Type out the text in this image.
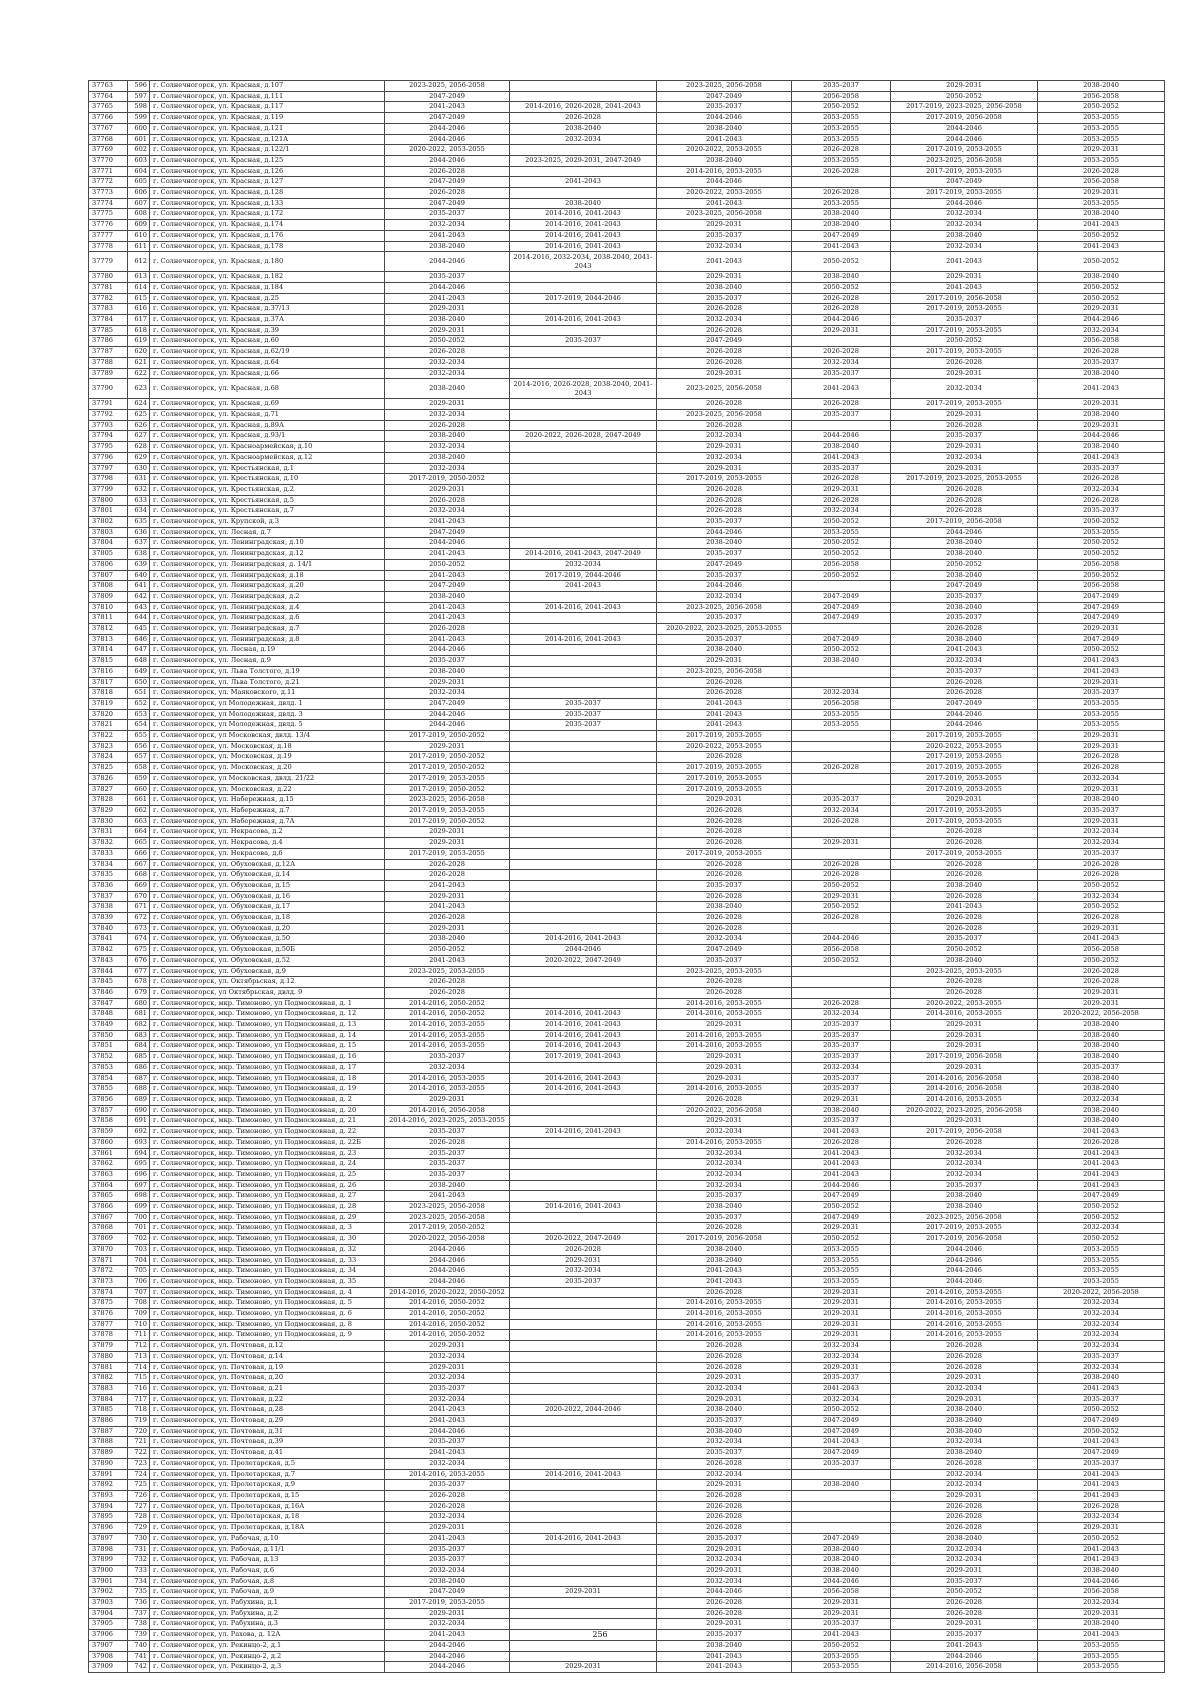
37763	596	г. Солнечногорск, ул. Красная, д.107	2023-2025, 2056-2058		2023-2025, 2056-2058	2035-2037	2029-2031	2038-2040
37764	597	г. Солнечногорск, ул. Красная, д.111	2047-2049		2047-2049	2056-2058	2050-2052	2056-2058
37765	598	г. Солнечногорск, ул. Красная, д.117	2041-2043	2014-2016, 2026-2028, 2041-2043	2035-2037	2050-2052	2017-2019, 2023-2025, 2056-2058	2050-2052
37766	599	г. Солнечногорск, ул. Красная, д.119	2047-2049	2026-2028	2044-2046	2053-2055	2017-2019, 2056-2058	2053-2055
37767	600	г. Солнечногорск, ул. Красная, д.121	2044-2046	2038-2040	2038-2040	2053-2055	2044-2046	2053-2055
37768	601	г. Солнечногорск, ул. Красная, д.121А	2044-2046	2032-2034	2041-2043	2053-2055	2044-2046	2053-2055
37769	602	г. Солнечногорск, ул. Красная, д.122/1	2020-2022, 2053-2055		2020-2022, 2053-2055	2026-2028	2017-2019, 2053-2055	2029-2031
37770	603	г. Солнечногорск, ул. Красная, д.125	2044-2046	2023-2025, 2029-2031, 2047-2049	2038-2040	2053-2055	2023-2025, 2056-2058	2053-2055
37771	604	г. Солнечногорск, ул. Красная, д.126	2026-2028		2014-2016, 2053-2055	2026-2028	2017-2019, 2053-2055	2026-2028
37772	605	г. Солнечногорск, ул. Красная, д.127	2047-2049	2041-2043	2044-2046		2047-2049	2056-2058
37773	606	г. Солнечногорск, ул. Красная, д.128	2026-2028		2020-2022, 2053-2055	2026-2028	2017-2019, 2053-2055	2029-2031
37774	607	г. Солнечногорск, ул. Красная, д.133	2047-2049	2038-2040	2041-2043	2053-2055	2044-2046	2053-2055
37775	608	г. Солнечногорск, ул. Красная, д.172	2035-2037	2014-2016, 2041-2043	2023-2025, 2056-2058	2038-2040	2032-2034	2038-2040
37776	609	г. Солнечногорск, ул. Красная, д.174	2032-2034	2014-2016, 2041-2043	2029-2031	2038-2040	2032-2034	2041-2043
37777	610	г. Солнечногорск, ул. Красная, д.176	2041-2043	2014-2016, 2041-2043	2035-2037	2047-2049	2038-2040	2050-2052
37778	611	г. Солнечногорск, ул. Красная, д.178	2038-2040	2014-2016, 2041-2043	2032-2034	2041-2043	2032-2034	2041-2043
37779	612	г. Солнечногорск, ул. Красная, д.180	2044-2046	2014-2016, 2032-2034, 2038-2040, 2041-2043	2041-2043	2050-2052	2041-2043	2050-2052
37780	613	г. Солнечногорск, ул. Красная, д.182	2035-2037		2029-2031	2038-2040	2029-2031	2038-2040
37781	614	г. Солнечногорск, ул. Красная, д.184	2044-2046		2038-2040	2050-2052	2041-2043	2050-2052
37782	615	г. Солнечногорск, ул. Красная, д.25	2041-2043	2017-2019, 2044-2046	2035-2037	2026-2028	2017-2019, 2056-2058	2050-2052
37783	616	г. Солнечногорск, ул. Красная, д.37/13	2029-2031		2026-2028	2026-2028	2017-2019, 2053-2055	2029-2031
37784	617	г. Солнечногорск, ул. Красная, д.37А	2038-2040	2014-2016, 2041-2043	2032-2034	2044-2046	2035-2037	2044-2046
37785	618	г. Солнечногорск, ул. Красная, д.39	2029-2031		2026-2028	2029-2031	2017-2019, 2053-2055	2032-2034
37786	619	г. Солнечногорск, ул. Красная, д.60	2050-2052	2035-2037	2047-2049		2050-2052	2056-2058
37787	620	г. Солнечногорск, ул. Красная, д.62/19	2026-2028		2026-2028	2026-2028	2017-2019, 2053-2055	2026-2028
37788	621	г. Солнечногорск, ул. Красная, д.64	2032-2034		2026-2028	2032-2034	2026-2028	2035-2037
37789	622	г. Солнечногорск, ул. Красная, д.66	2032-2034		2029-2031	2035-2037	2029-2031	2038-2040
37790	623	г. Солнечногорск, ул. Красная, д.68	2038-2040	2014-2016, 2026-2028, 2038-2040, 2041-2043	2023-2025, 2056-2058	2041-2043	2032-2034	2041-2043
37791	624	г. Солнечногорск, ул. Красная, д.69	2029-2031		2026-2028	2026-2028	2017-2019, 2053-2055	2029-2031
37792	625	г. Солнечногорск, ул. Красная, д.71	2032-2034		2023-2025, 2056-2058	2035-2037	2029-2031	2038-2040
37793	626	г. Солнечногорск, ул. Красная, д.89А	2026-2028		2026-2028		2026-2028	2029-2031
37794	627	г. Солнечногорск, ул. Красная, д.93/1	2038-2040	2020-2022, 2026-2028, 2047-2049	2032-2034	2044-2046	2035-2037	2044-2046
37795	628	г. Солнечногорск, ул. Красноармейская, д.10	2032-2034		2029-2031	2038-2040	2029-2031	2038-2040
37796	629	г. Солнечногорск, ул. Красноармейская, д.12	2038-2040		2032-2034	2041-2043	2032-2034	2041-2043
37797	630	г. Солнечногорск, ул. Крестьянская, д.1	2032-2034		2029-2031	2035-2037	2029-2031	2035-2037
37798	631	г. Солнечногорск, ул. Крестьянская, д.10	2017-2019, 2050-2052		2017-2019, 2053-2055	2026-2028	2017-2019, 2023-2025, 2053-2055	2026-2028
37799	632	г. Солнечногорск, ул. Крестьянская, д.2	2029-2031		2026-2028	2029-2031	2026-2028	2032-2034
37800	633	г. Солнечногорск, ул. Крестьянская, д.5	2026-2028		2026-2028	2026-2028	2026-2028	2026-2028
37801	634	г. Солнечногорск, ул. Крестьянская, д.7	2032-2034		2026-2028	2032-2034	2026-2028	2035-2037
37802	635	г. Солнечногорск, ул. Крупской, д.3	2041-2043		2035-2037	2050-2052	2017-2019, 2056-2058	2050-2052
37803	636	г. Солнечногорск, ул. Лесная, д.7	2047-2049		2044-2046	2053-2055	2044-2046	2053-2055
37804	637	г. Солнечногорск, ул. Ленинградская, д.10	2044-2046		2038-2040	2050-2052	2038-2040	2050-2052
37805	638	г. Солнечногорск, ул. Ленинградская, д.12	2041-2043	2014-2016, 2041-2043, 2047-2049	2035-2037	2050-2052	2038-2040	2050-2052
37806	639	г. Солнечногорск, ул. Ленинградская, д. 14/1	2050-2052	2032-2034	2047-2049	2056-2058	2050-2052	2056-2058
37807	640	г. Солнечногорск, ул. Ленинградская, д.18	2041-2043	2017-2019, 2044-2046	2035-2037	2050-2052	2038-2040	2050-2052
37808	641	г. Солнечногорск, ул. Ленинградская, д.20	2047-2049	2041-2043	2044-2046		2047-2049	2056-2058
37809	642	г. Солнечногорск, ул. Ленинградская, д.2	2038-2040		2032-2034	2047-2049	2035-2037	2047-2049
37810	643	г. Солнечногорск, ул. Ленинградская, д.4	2041-2043	2014-2016, 2041-2043	2023-2025, 2056-2058	2047-2049	2038-2040	2047-2049
37811	644	г. Солнечногорск, ул. Ленинградская, д.6	2041-2043		2035-2037	2047-2049	2035-2037	2047-2049
37812	645	г. Солнечногорск, ул. Ленинградская, д.7	2026-2028		2020-2022, 2023-2025, 2053-2055		2026-2028	2029-2031
37813	646	г. Солнечногорск, ул. Ленинградская, д.8	2041-2043	2014-2016, 2041-2043	2035-2037	2047-2049	2038-2040	2047-2049
37814	647	г. Солнечногорск, ул. Лесная, д.19	2044-2046		2038-2040	2050-2052	2041-2043	2050-2052
37815	648	г. Солнечногорск, ул. Лесная, д.9	2035-2037		2029-2031	2038-2040	2032-2034	2041-2043
37816	649	г. Солнечногорск, ул. Льва Толстого, д.19	2038-2040		2023-2025, 2056-2058		2035-2037	2041-2043
37817	650	г. Солнечногорск, ул. Льва Толстого, д.21	2029-2031		2026-2028		2026-2028	2029-2031
37818	651	г. Солнечногорск, ул. Маяковского, д.11	2032-2034		2026-2028	2032-2034	2026-2028	2035-2037
37819	652	г. Солнечногорск, ул Молодежная, двлд. 1	2047-2049	2035-2037	2041-2043	2056-2058	2047-2049	2053-2055
37820	653	г. Солнечногорск, ул Молодежная, двлд. 3	2044-2046	2035-2037	2041-2043	2053-2055	2044-2046	2053-2055
37821	654	г. Солнечногорск, ул Молодежная, двлд. 5	2044-2046	2035-2037	2041-2043	2053-2055	2044-2046	2053-2055
37822	655	г. Солнечногорск, ул Московская, двлд. 13/4	2017-2019, 2050-2052		2017-2019, 2053-2055		2017-2019, 2053-2055	2029-2031
37823	656	г. Солнечногорск, ул. Московская, д.18	2029-2031		2020-2022, 2053-2055		2020-2022, 2053-2055	2029-2031
37824	657	г. Солнечногорск, ул. Московская, д.19	2017-2019, 2050-2052		2026-2028		2017-2019, 2053-2055	2026-2028
37825	658	г. Солнечногорск, ул. Московская, д.20	2017-2019, 2050-2052		2017-2019, 2053-2055	2026-2028	2017-2019, 2053-2055	2026-2028
37826	659	г. Солнечногорск, ул Московская, двлд. 21/22	2017-2019, 2053-2055		2017-2019, 2053-2055		2017-2019, 2053-2055	2032-2034
37827	660	г. Солнечногорск, ул. Московская, д.22	2017-2019, 2050-2052		2017-2019, 2053-2055		2017-2019, 2053-2055	2029-2031
37828	661	г. Солнечногорск, ул. Набережная, д.15	2023-2025, 2056-2058		2029-2031	2035-2037	2029-2031	2038-2040
37829	662	г. Солнечногорск, ул. Набережная, д.7	2017-2019, 2053-2055		2026-2028	2032-2034	2017-2019, 2053-2055	2035-2037
37830	663	г. Солнечногорск, ул. Набережная, д.7А	2017-2019, 2050-2052		2026-2028	2026-2028	2017-2019, 2053-2055	2029-2031
37831	664	г. Солнечногорск, ул. Некрасова, д.2	2029-2031		2026-2028		2026-2028	2032-2034
37832	665	г. Солнечногорск, ул. Некрасова, д.4	2029-2031		2026-2028	2029-2031	2026-2028	2032-2034
37833	666	г. Солнечногорск, ул. Некрасова, д.6	2017-2019, 2053-2055		2017-2019, 2053-2055		2017-2019, 2053-2055	2035-2037
37834	667	г. Солнечногорск, ул. Обуховская, д.12А	2026-2028		2026-2028	2026-2028	2026-2028	2026-2028
37835	668	г. Солнечногорск, ул. Обуховская, д.14	2026-2028		2026-2028	2026-2028	2026-2028	2026-2028
37836	669	г. Солнечногорск, ул. Обуховская, д.15	2041-2043		2035-2037	2050-2052	2038-2040	2050-2052
37837	670	г. Солнечногорск, ул. Обуховская, д.16	2029-2031		2026-2028	2029-2031	2026-2028	2032-2034
37838	671	г. Солнечногорск, ул. Обуховская, д.17	2041-2043		2038-2040	2050-2052	2041-2043	2050-2052
37839	672	г. Солнечногорск, ул. Обуховская, д.18	2026-2028		2026-2028	2026-2028	2026-2028	2026-2028
37840	673	г. Солнечногорск, ул. Обуховская, д.20	2029-2031		2026-2028		2026-2028	2029-2031
37841	674	г. Солнечногорск, ул. Обуховская, д.50	2038-2040	2014-2016, 2041-2043	2032-2034	2044-2046	2035-2037	2041-2043
37842	675	г. Солнечногорск, ул. Обуховская, д.50Б	2050-2052	2044-2046	2047-2049	2056-2058	2050-2052	2056-2058
37843	676	г. Солнечногорск, ул. Обуховская, д.52	2041-2043	2020-2022, 2047-2049	2035-2037	2050-2052	2038-2040	2050-2052
37844	677	г. Солнечногорск, ул. Обуховская, д.9	2023-2025, 2053-2055		2023-2025, 2053-2055		2023-2025, 2053-2055	2026-2028
37845	678	г. Солнечногорск, ул. Октябрьская, д.12	2026-2028		2026-2028		2026-2028	2026-2028
37846	679	г. Солнечногорск, ул Октябрьская, двлд. 9	2026-2028		2026-2028		2026-2028	2029-2031
37847	680	г. Солнечногорск, мкр. Тимоново, ул Подмосковная, д. 1	2014-2016, 2050-2052		2014-2016, 2053-2055	2026-2028	2020-2022, 2053-2055	2029-2031
37848	681	г. Солнечногорск, мкр. Тимоново, ул Подмосковная, д. 12	2014-2016, 2050-2052	2014-2016, 2041-2043	2014-2016, 2053-2055	2032-2034	2014-2016, 2053-2055	2020-2022, 2056-2058
37849	682	г. Солнечногорск, мкр. Тимоново, ул Подмосковная, д. 13	2014-2016, 2053-2055	2014-2016, 2041-2043	2029-2031	2035-2037	2029-2031	2038-2040
37850	683	г. Солнечногорск, мкр. Тимоново, ул Подмосковная, д. 14	2014-2016, 2053-2055	2014-2016, 2041-2043	2014-2016, 2053-2055	2035-2037	2029-2031	2038-2040
37851	684	г. Солнечногорск, мкр. Тимоново, ул Подмосковная, д. 15	2014-2016, 2053-2055	2014-2016, 2041-2043	2014-2016, 2053-2055	2035-2037	2029-2031	2038-2040
37852	685	г. Солнечногорск, мкр. Тимоново, ул Подмосковная, д. 16	2035-2037	2017-2019, 2041-2043	2029-2031	2035-2037	2017-2019, 2056-2058	2038-2040
37853	686	г. Солнечногорск, мкр. Тимоново, ул Подмосковная, д. 17	2032-2034		2029-2031	2032-2034	2029-2031	2035-2037
37854	687	г. Солнечногорск, мкр. Тимоново, ул Подмосковная, д. 18	2014-2016, 2053-2055	2014-2016, 2041-2043	2029-2031	2035-2037	2014-2016, 2056-2058	2038-2040
37855	688	г. Солнечногорск, мкр. Тимоново, ул Подмосковная, д. 19	2014-2016, 2053-2055	2014-2016, 2041-2043	2014-2016, 2053-2055	2035-2037	2014-2016, 2056-2058	2038-2040
37856	689	г. Солнечногорск, мкр. Тимоново, ул Подмосковная, д. 2	2029-2031		2026-2028	2029-2031	2014-2016, 2053-2055	2032-2034
37857	690	г. Солнечногорск, мкр. Тимоново, ул Подмосковная, д. 20	2014-2016, 2056-2058		2020-2022, 2056-2058	2038-2040	2020-2022, 2023-2025, 2056-2058	2038-2040
37858	691	г. Солнечногорск, мкр. Тимоново, ул Подмосковная, д. 21	2014-2016, 2023-2025, 2053-2055		2029-2031	2035-2037	2029-2031	2038-2040
37859	692	г. Солнечногорск, мкр. Тимоново, ул Подмосковная, д. 22	2035-2037	2014-2016, 2041-2043	2032-2034	2041-2043	2017-2019, 2056-2058	2041-2043
37860	693	г. Солнечногорск, мкр. Тимоново, ул Подмосковная, д. 22Б	2026-2028		2014-2016, 2053-2055	2026-2028	2026-2028	2026-2028
37861	694	г. Солнечногорск, мкр. Тимоново, ул Подмосковная, д. 23	2035-2037		2032-2034	2041-2043	2032-2034	2041-2043
37862	695	г. Солнечногорск, мкр. Тимоново, ул Подмосковная, д. 24	2035-2037		2032-2034	2041-2043	2032-2034	2041-2043
37863	696	г. Солнечногорск, мкр. Тимоново, ул Подмосковная, д. 25	2035-2037		2032-2034	2041-2043	2032-2034	2041-2043
37864	697	г. Солнечногорск, мкр. Тимоново, ул Подмосковная, д. 26	2038-2040		2032-2034	2044-2046	2035-2037	2041-2043
37865	698	г. Солнечногорск, мкр. Тимоново, ул Подмосковная, д. 27	2041-2043		2035-2037	2047-2049	2038-2040	2047-2049
37866	699	г. Солнечногорск, мкр. Тимоново, ул Подмосковная, д. 28	2023-2025, 2056-2058	2014-2016, 2041-2043	2038-2040	2050-2052	2038-2040	2050-2052
37867	700	г. Солнечногорск, мкр. Тимоново, ул Подмосковная, д. 29	2023-2025, 2056-2058		2035-2037	2047-2049	2023-2025, 2056-2058	2050-2052
37868	701	г. Солнечногорск, мкр. Тимоново, ул Подмосковная, д. 3	2017-2019, 2050-2052		2026-2028	2029-2031	2017-2019, 2053-2055	2032-2034
37869	702	г. Солнечногорск, мкр. Тимоново, ул Подмосковная, д. 30	2020-2022, 2056-2058	2020-2022, 2047-2049	2017-2019, 2056-2058	2050-2052	2017-2019, 2056-2058	2050-2052
37870	703	г. Солнечногорск, мкр. Тимоново, ул Подмосковная, д. 32	2044-2046	2026-2028	2038-2040	2053-2055	2044-2046	2053-2055
37871	704	г. Солнечногорск, мкр. Тимоново, ул Подмосковная, д. 33	2044-2046	2029-2031	2038-2040	2053-2055	2044-2046	2053-2055
37872	705	г. Солнечногорск, мкр. Тимоново, ул Подмосковная, д. 34	2044-2046	2032-2034	2041-2043	2053-2055	2044-2046	2053-2055
37873	706	г. Солнечногорск, мкр. Тимоново, ул Подмосковная, д. 35	2044-2046	2035-2037	2041-2043	2053-2055	2044-2046	2053-2055
37874	707	г. Солнечногорск, мкр. Тимоново, ул Подмосковная, д. 4	2014-2016, 2020-2022, 2050-2052		2026-2028	2029-2031	2014-2016, 2053-2055	2020-2022, 2056-2058
37875	708	г. Солнечногорск, мкр. Тимоново, ул Подмосковная, д. 5	2014-2016, 2050-2052		2014-2016, 2053-2055	2029-2031	2014-2016, 2053-2055	2032-2034
37876	709	г. Солнечногорск, мкр. Тимоново, ул Подмосковная, д. 6	2014-2016, 2050-2052		2014-2016, 2053-2055	2029-2031	2014-2016, 2053-2055	2032-2034
37877	710	г. Солнечногорск, мкр. Тимоново, ул Подмосковная, д. 8	2014-2016, 2050-2052		2014-2016, 2053-2055	2029-2031	2014-2016, 2053-2055	2032-2034
37878	711	г. Солнечногорск, мкр. Тимоново, ул Подмосковная, д. 9	2014-2016, 2050-2052		2014-2016, 2053-2055	2029-2031	2014-2016, 2053-2055	2032-2034
37879	712	г. Солнечногорск, ул. Почтовая, д.12	2029-2031		2026-2028	2032-2034	2026-2028	2032-2034
37880	713	г. Солнечногорск, ул. Почтовая, д.14	2032-2034		2026-2028	2032-2034	2026-2028	2035-2037
37881	714	г. Солнечногорск, ул. Почтовая, д.19	2029-2031		2026-2028	2029-2031	2026-2028	2032-2034
37882	715	г. Солнечногорск, ул. Почтовая, д.20	2032-2034		2029-2031	2035-2037	2029-2031	2038-2040
37883	716	г. Солнечногорск, ул. Почтовая, д.21	2035-2037		2032-2034	2041-2043	2032-2034	2041-2043
37884	717	г. Солнечногорск, ул. Почтовая, д.22	2032-2034		2029-2031	2032-2034	2029-2031	2035-2037
37885	718	г. Солнечногорск, ул. Почтовая, д.28	2041-2043	2020-2022, 2044-2046	2038-2040	2050-2052	2038-2040	2050-2052
37886	719	г. Солнечногорск, ул. Почтовая, д.29	2041-2043		2035-2037	2047-2049	2038-2040	2047-2049
37887	720	г. Солнечногорск, ул. Почтовая, д.31	2044-2046		2038-2040	2047-2049	2038-2040	2050-2052
37888	721	г. Солнечногорск, ул. Почтовая, д.39	2035-2037		2032-2034	2041-2043	2032-2034	2041-2043
37889	722	г. Солнечногорск, ул. Почтовая, д.41	2041-2043		2035-2037	2047-2049	2038-2040	2047-2049
37890	723	г. Солнечногорск, ул. Пролетарская, д.5	2032-2034		2026-2028	2035-2037	2026-2028	2035-2037
37891	724	г. Солнечногорск, ул. Пролетарская, д.7	2014-2016, 2053-2055	2014-2016, 2041-2043	2032-2034		2032-2034	2041-2043
37892	725	г. Солнечногорск, ул. Пролетарская, д.9	2035-2037		2029-2031	2038-2040	2032-2034	2041-2043
37893	726	г. Солнечногорск, ул. Пролетарская, д.15	2026-2028		2026-2028		2029-2031	2041-2043
37894	727	г. Солнечногорск, ул. Пролетарская, д.16А	2026-2028		2026-2028		2026-2028	2026-2028
37895	728	г. Солнечногорск, ул. Пролетарская, д.18	2032-2034		2026-2028		2026-2028	2032-2034
37896	729	г. Солнечногорск, ул. Пролетарская, д.18А	2029-2031		2026-2028		2026-2028	2029-2031
37897	730	г. Солнечногорск, ул. Рабочая, д.10	2041-2043	2014-2016, 2041-2043	2035-2037	2047-2049	2038-2040	2050-2052
37898	731	г. Солнечногорск, ул. Рабочая, д.11/1	2035-2037		2029-2031	2038-2040	2032-2034	2041-2043
37899	732	г. Солнечногорск, ул. Рабочая, д.13	2035-2037		2032-2034	2038-2040	2032-2034	2041-2043
37900	733	г. Солнечногорск, ул. Рабочая, д.6	2032-2034		2029-2031	2038-2040	2029-2031	2038-2040
37901	734	г. Солнечногорск, ул. Рабочая, д.8	2038-2040		2032-2034	2044-2046	2035-2037	2044-2046
37902	735	г. Солнечногорск, ул. Рабочая, д.9	2047-2049	2029-2031	2044-2046	2056-2058	2050-2052	2056-2058
37903	736	г. Солнечногорск, ул. Рабухина, д.1	2017-2019, 2053-2055		2026-2028	2029-2031	2026-2028	2032-2034
37904	737	г. Солнечногорск, ул. Рабухина, д.2	2029-2031		2026-2028	2029-2031	2026-2028	2029-2031
37905	738	г. Солнечногорск, ул. Рабухина, д.3	2032-2034		2029-2031	2035-2037	2029-2031	2038-2040
37906	739	г. Солнечногорск, ул. Рахова, д. 12А	2041-2043		2035-2037	2041-2043	2035-2037	2041-2043
37907	740	г. Солнечногорск, ул. Рекинцо-2, д.1	2044-2046		2038-2040	2050-2052	2041-2043	2053-2055
37908	741	г. Солнечногорск, ул. Рекинцо-2, д.2	2044-2046		2041-2043	2053-2055	2044-2046	2053-2055
37909	742	г. Солнечногорск, ул. Рекинцо-2, д.3	2044-2046	2029-2031	2041-2043	2053-2055	2014-2016, 2056-2058	2053-2055
256
